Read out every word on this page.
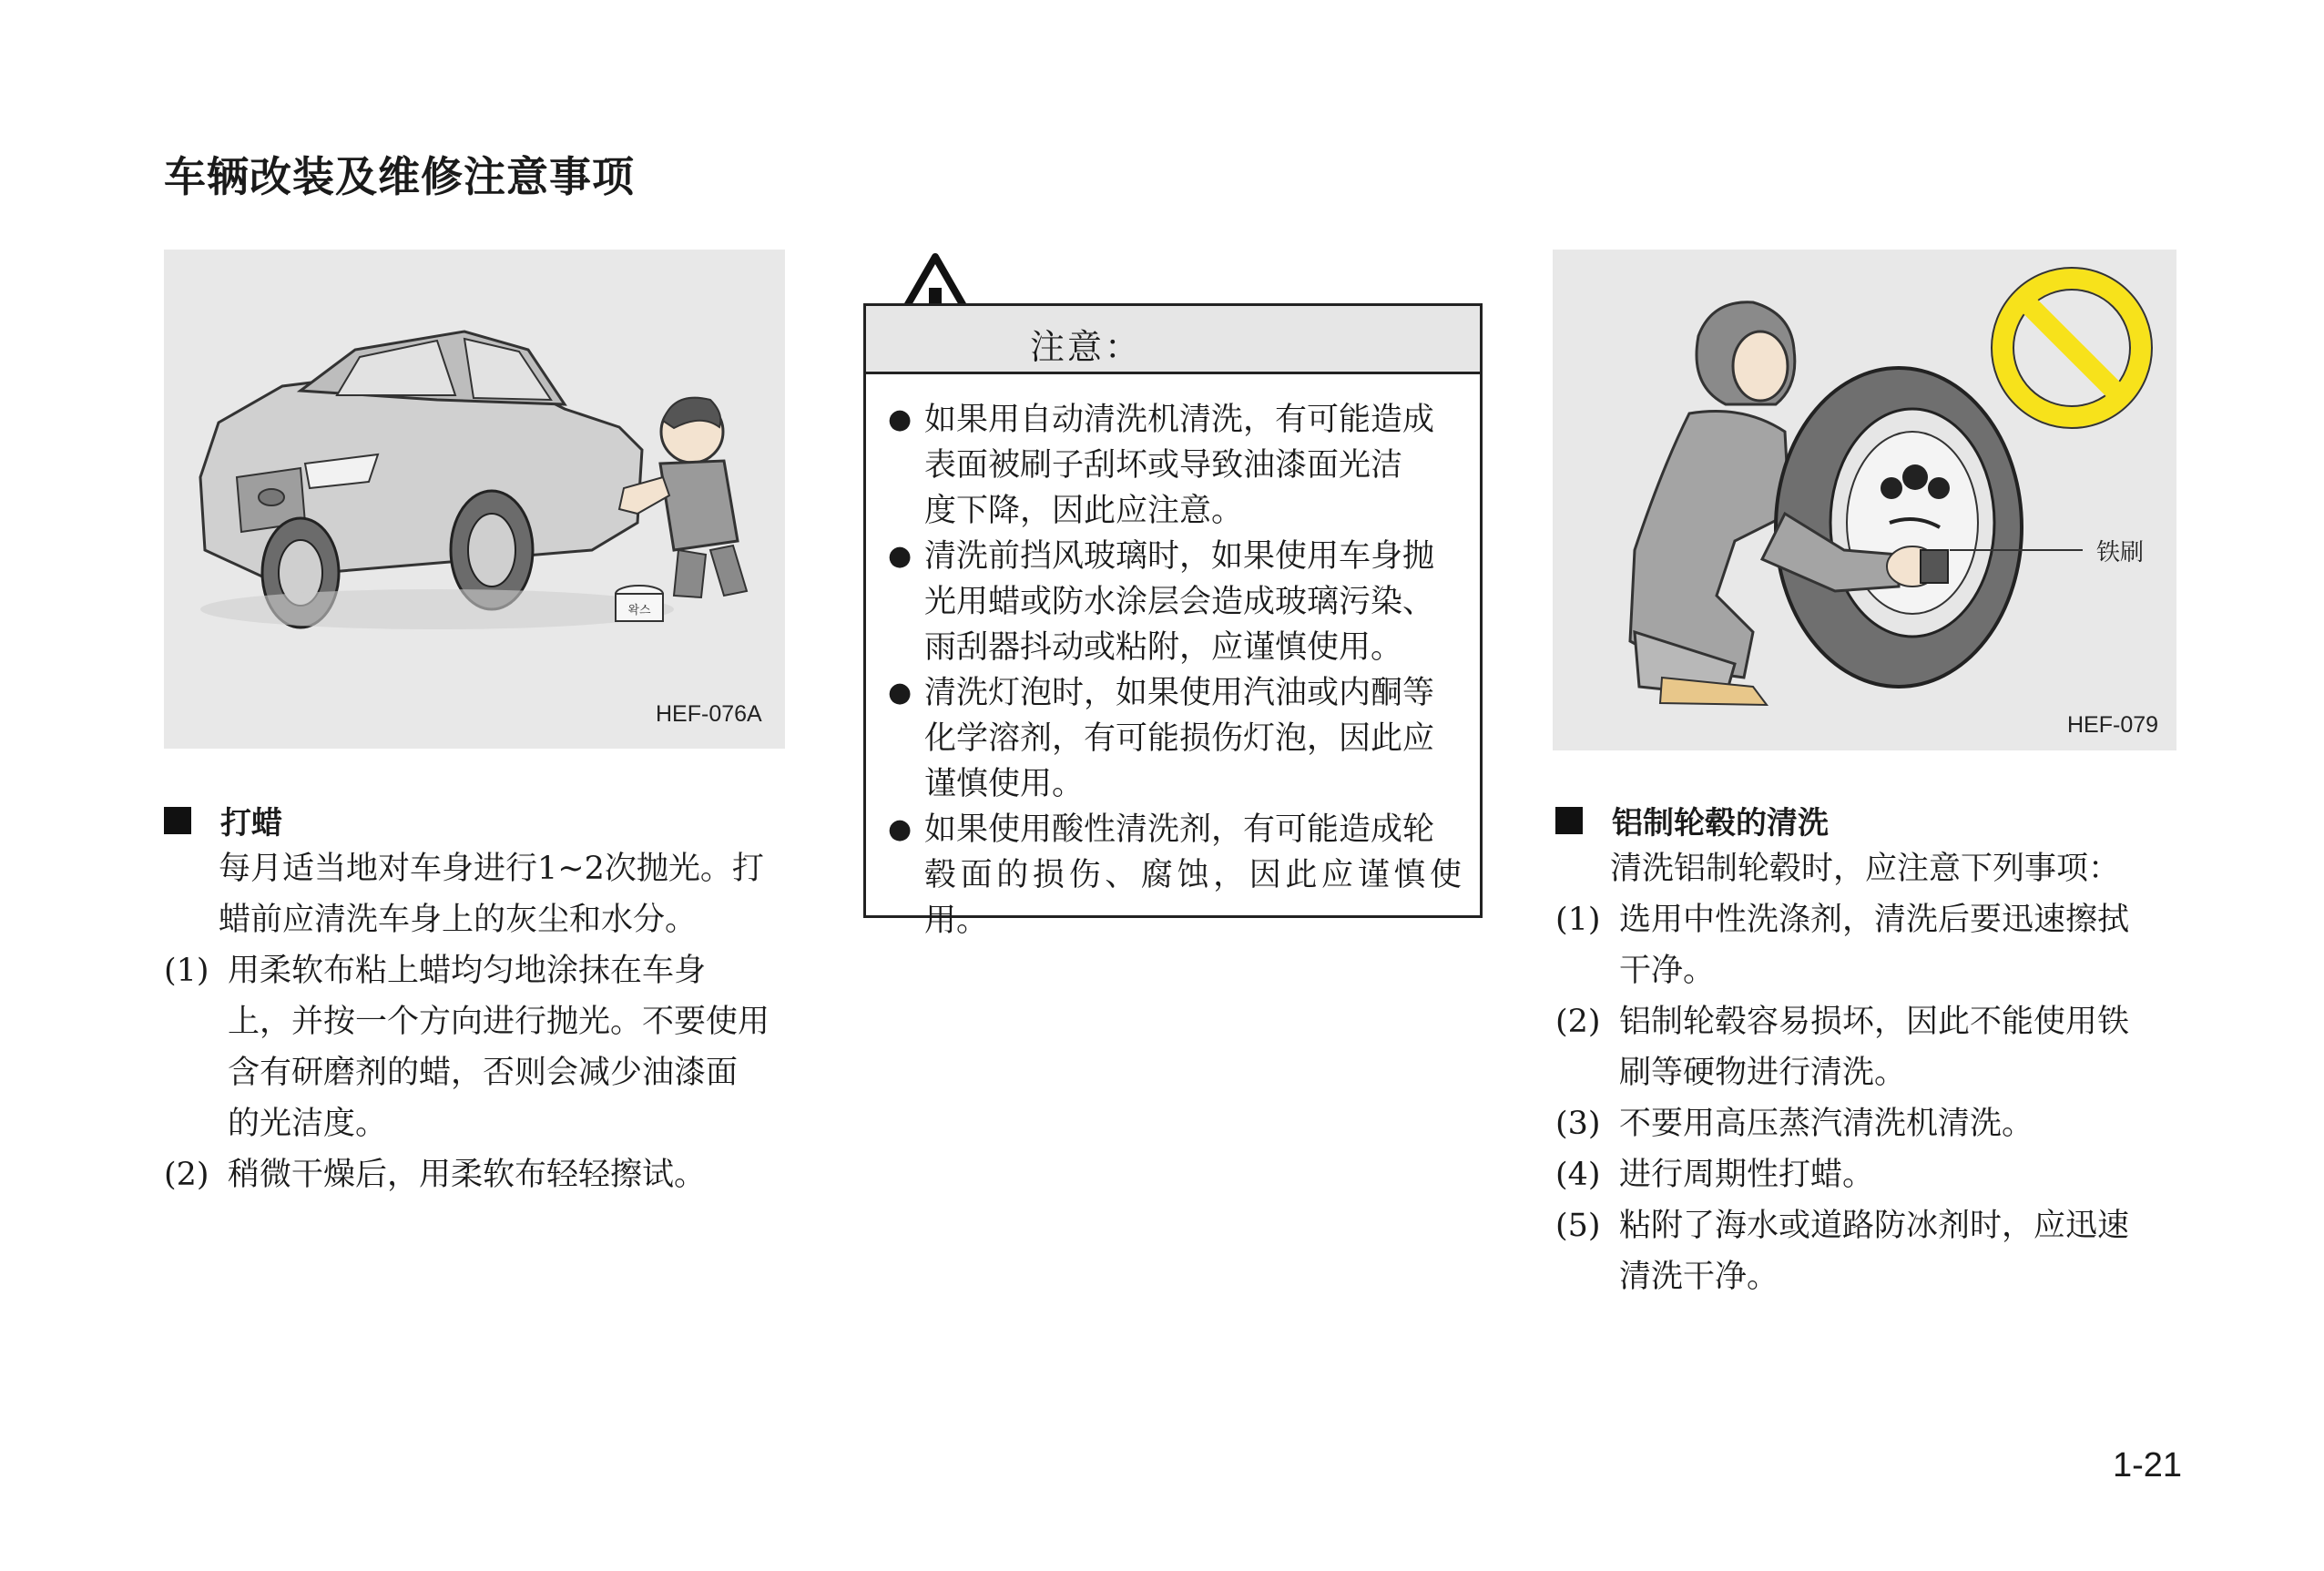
车辆改装及维修注意事项
왁스
HEF-076A
打蜡
每月适当地对车身进行1~2次抛光。打
蜡前应清洗车身上的灰尘和水分。
(1) 用柔软布粘上蜡均匀地涂抹在车身
上，并按一个方向进行抛光。不要使用
含有研磨剂的蜡，否则会减少油漆面
的光洁度。
(2) 稍微干燥后，用柔软布轻轻擦试。
注意：
● 如果用自动清洗机清洗，有可能造成
表面被刷子刮坏或导致油漆面光洁
度下降，因此应注意。
● 清洗前挡风玻璃时，如果使用车身抛
光用蜡或防水涂层会造成玻璃污染、
雨刮器抖动或粘附，应谨慎使用。
● 清洗灯泡时，如果使用汽油或内酮等
化学溶剂，有可能损伤灯泡，因此应
谨慎使用。
● 如果使用酸性清洗剂，有可能造成轮
毂面的损伤、腐蚀，因此应谨慎使用。
铁刷
HEF-079
铝制轮毂的清洗
清洗铝制轮毂时，应注意下列事项：
(1) 选用中性洗涤剂，清洗后要迅速擦拭
干净。
(2) 铝制轮毂容易损坏，因此不能使用铁
刷等硬物进行清洗。
(3) 不要用高压蒸汽清洗机清洗。
(4) 进行周期性打蜡。
(5) 粘附了海水或道路防冰剂时，应迅速
清洗干净。
1-21
